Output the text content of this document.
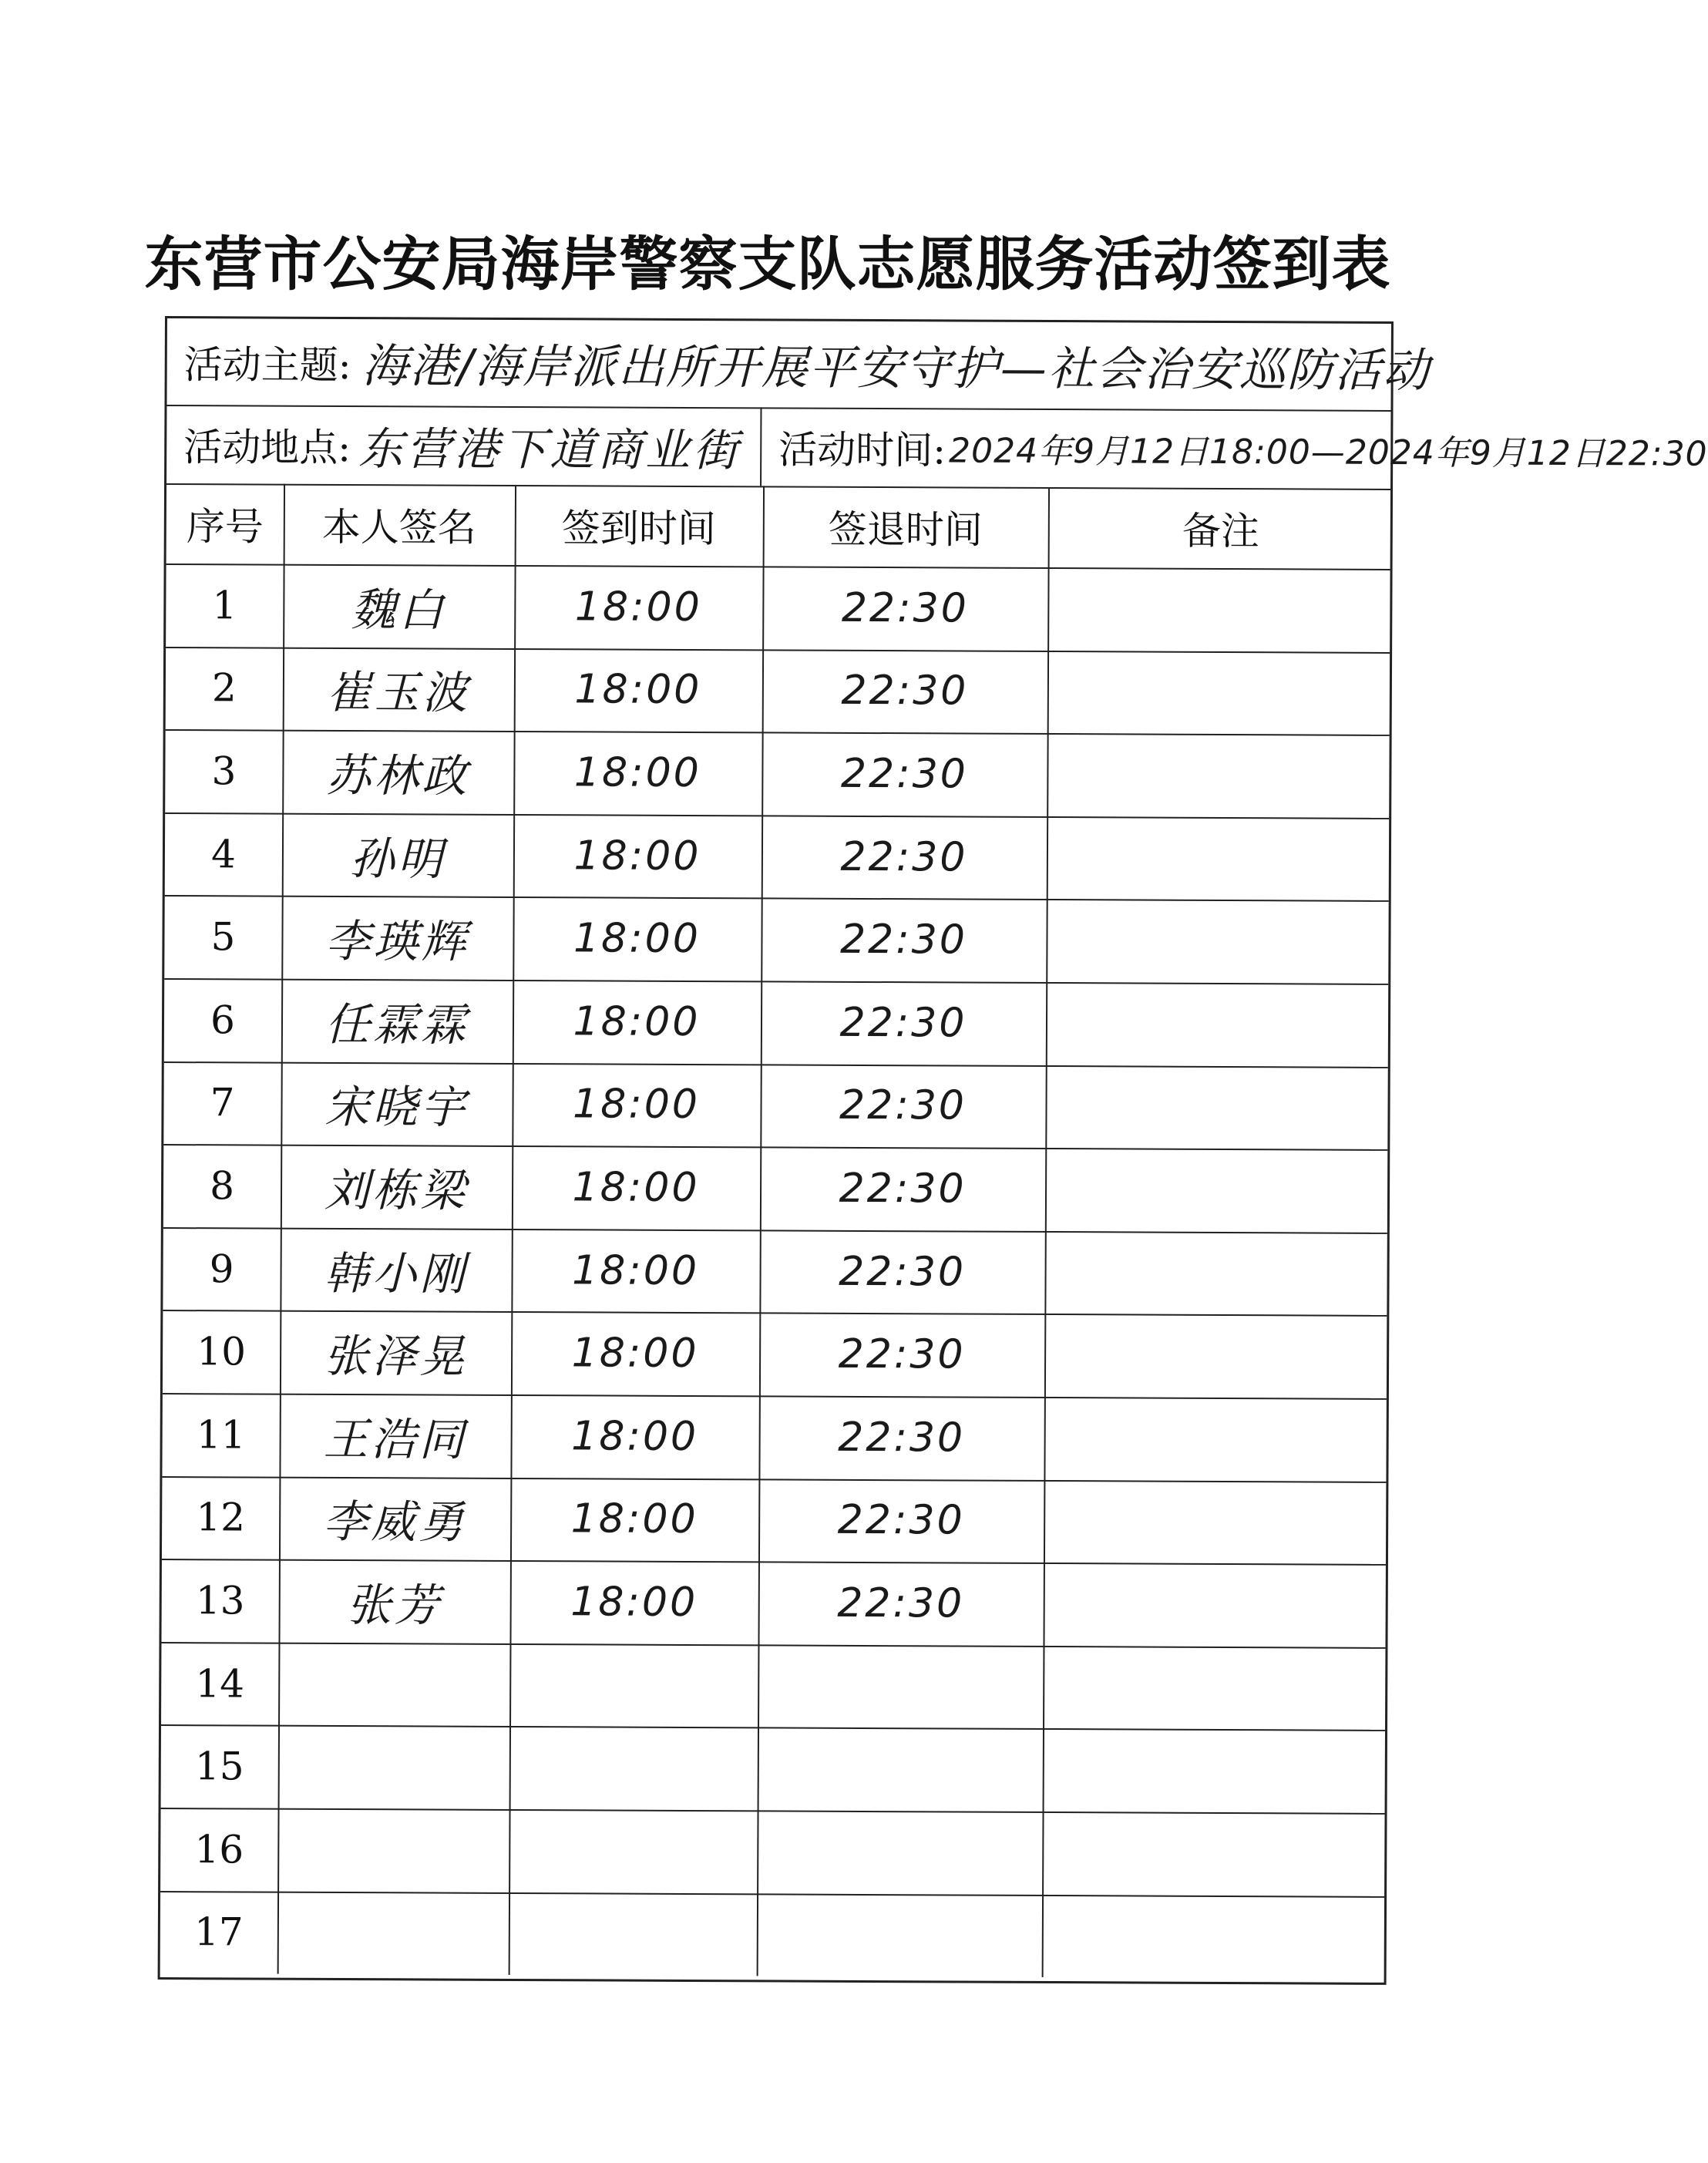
东营市公安局海岸警察支队志愿服务活动签到表
活动主题: 海港/海岸派出所开展平安守护—社会治安巡防活动
活动地点: 东营港下道商业街 活动时间: 2024年9月12日18:00—2024年9月12日22:30
序号	本人签名	签到时间	签退时间	备注
1	魏白	18:00	22:30
2	崔玉波	18:00	22:30
3	苏林政	18:00	22:30
4	孙明	18:00	22:30
5	李瑛辉	18:00	22:30
6	任霖霖	18:00	22:30
7	宋晓宇	18:00	22:30
8	刘栋梁	18:00	22:30
9	韩小刚	18:00	22:30
10	张泽晃	18:00	22:30
11	王浩同	18:00	22:30
12	李威勇	18:00	22:30
13	张芳	18:00	22:30
14
15
16
17
